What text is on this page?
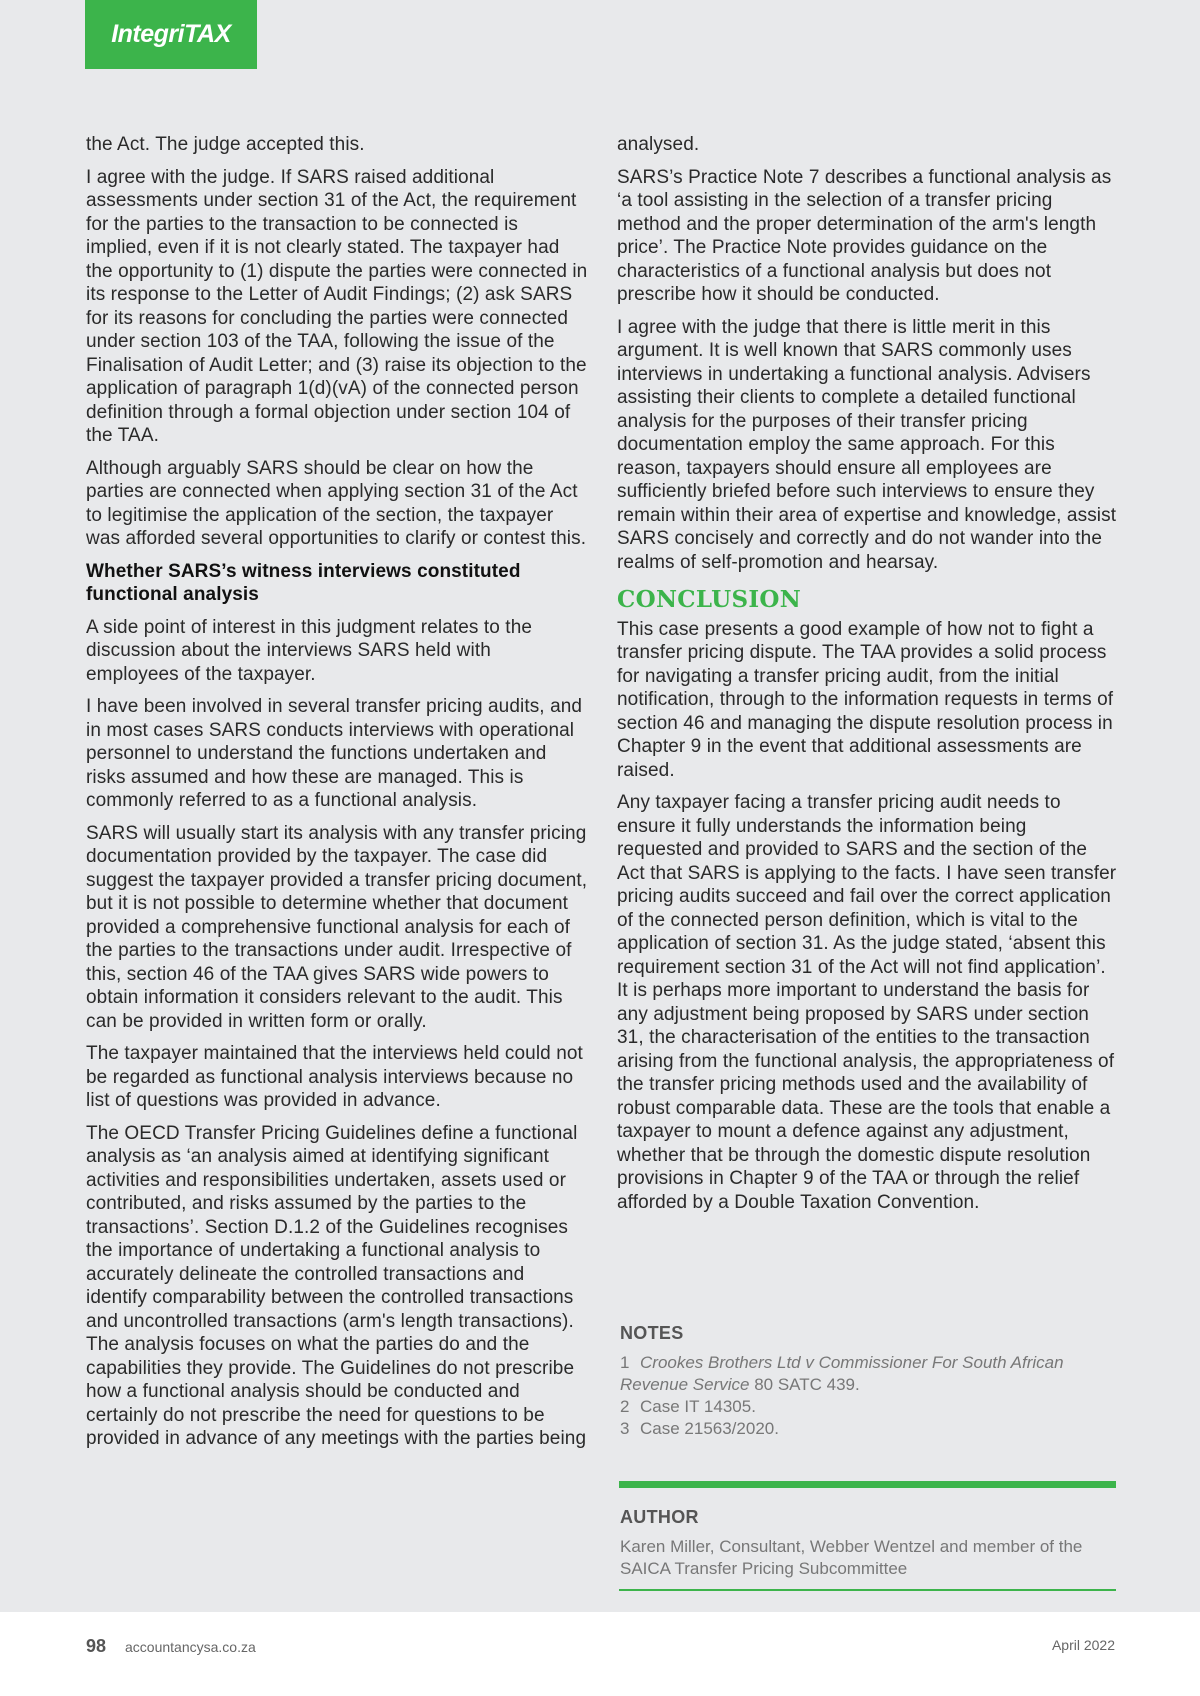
IntegriTAX

the Act. The judge accepted this.

I agree with the judge. If SARS raised additional assessments under section 31 of the Act, the requirement for the parties to the transaction to be connected is implied, even if it is not clearly stated. The taxpayer had the opportunity to (1) dispute the parties were connected in its response to the Letter of Audit Findings; (2) ask SARS for its reasons for concluding the parties were connected under section 103 of the TAA, following the issue of the Finalisation of Audit Letter; and (3) raise its objection to the application of paragraph 1(d)(vA) of the connected person definition through a formal objection under section 104 of the TAA.

Although arguably SARS should be clear on how the parties are connected when applying section 31 of the Act to legitimise the application of the section, the taxpayer was afforded several opportunities to clarify or contest this.

Whether SARS’s witness interviews constituted functional analysis

A side point of interest in this judgment relates to the discussion about the interviews SARS held with employees of the taxpayer.

I have been involved in several transfer pricing audits, and in most cases SARS conducts interviews with operational personnel to understand the functions undertaken and risks assumed and how these are managed. This is commonly referred to as a functional analysis.

SARS will usually start its analysis with any transfer pricing documentation provided by the taxpayer. The case did suggest the taxpayer provided a transfer pricing document, but it is not possible to determine whether that document provided a comprehensive functional analysis for each of the parties to the transactions under audit. Irrespective of this, section 46 of the TAA gives SARS wide powers to obtain information it considers relevant to the audit. This can be provided in written form or orally.

The taxpayer maintained that the interviews held could not be regarded as functional analysis interviews because no list of questions was provided in advance.

The OECD Transfer Pricing Guidelines define a functional analysis as ‘an analysis aimed at identifying significant activities and responsibilities undertaken, assets used or contributed, and risks assumed by the parties to the transactions’. Section D.1.2 of the Guidelines recognises the importance of undertaking a functional analysis to accurately delineate the controlled transactions and identify comparability between the controlled transactions and uncontrolled transactions (arm's length transactions). The analysis focuses on what the parties do and the capabilities they provide. The Guidelines do not prescribe how a functional analysis should be conducted and certainly do not prescribe the need for questions to be provided in advance of any meetings with the parties being

analysed.

SARS’s Practice Note 7 describes a functional analysis as ‘a tool assisting in the selection of a transfer pricing method and the proper determination of the arm's length price’. The Practice Note provides guidance on the characteristics of a functional analysis but does not prescribe how it should be conducted.

I agree with the judge that there is little merit in this argument. It is well known that SARS commonly uses interviews in undertaking a functional analysis. Advisers assisting their clients to complete a detailed functional analysis for the purposes of their transfer pricing documentation employ the same approach. For this reason, taxpayers should ensure all employees are sufficiently briefed before such interviews to ensure they remain within their area of expertise and knowledge, assist SARS concisely and correctly and do not wander into the realms of self-promotion and hearsay.

CONCLUSION

This case presents a good example of how not to fight a transfer pricing dispute. The TAA provides a solid process for navigating a transfer pricing audit, from the initial notification, through to the information requests in terms of section 46 and managing the dispute resolution process in Chapter 9 in the event that additional assessments are raised.

Any taxpayer facing a transfer pricing audit needs to ensure it fully understands the information being requested and provided to SARS and the section of the Act that SARS is applying to the facts. I have seen transfer pricing audits succeed and fail over the correct application of the connected person definition, which is vital to the application of section 31. As the judge stated, ‘absent this requirement section 31 of the Act will not find application’. It is perhaps more important to understand the basis for any adjustment being proposed by SARS under section 31, the characterisation of the entities to the transaction arising from the functional analysis, the appropriateness of the transfer pricing methods used and the availability of robust comparable data. These are the tools that enable a taxpayer to mount a defence against any adjustment, whether that be through the domestic dispute resolution provisions in Chapter 9 of the TAA or through the relief afforded by a Double Taxation Convention.

NOTES
1 Crookes Brothers Ltd v Commissioner For South African Revenue Service 80 SATC 439.
2 Case IT 14305.
3 Case 21563/2020.
AUTHOR
Karen Miller, Consultant, Webber Wentzel and member of the SAICA Transfer Pricing Subcommittee
98 accountancysa.co.za	April 2022
